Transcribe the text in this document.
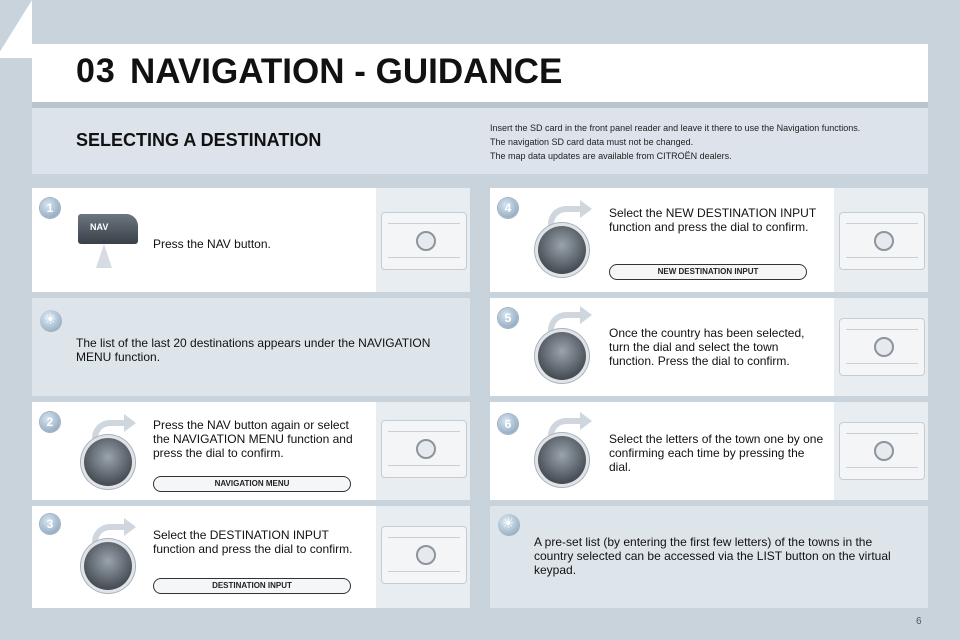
03 NAVIGATION - GUIDANCE
SELECTING A DESTINATION
Insert the SD card in the front panel reader and leave it there to use the Navigation functions.
The navigation SD card data must not be changed.
The map data updates are available from CITROËN dealers.
1
NAV
Press the NAV button.
☀
The list of the last 20 destinations appears under the NAVIGATION MENU function.
2	Press the NAV button again or select the NAVIGATION MENU function and press the dial to confirm.
NAVIGATION MENU
3
Select the DESTINATION INPUT function and press the dial to confirm.
DESTINATION INPUT
4	Select the NEW DESTINATION INPUT function and press the dial to confirm.
NEW DESTINATION INPUT
5
Once the country has been selected, turn the dial and select the town function. Press the dial to confirm.
6
Select the letters of the town one by one confirming each time by pressing the dial.
☀
A pre-set list (by entering the first few letters) of the towns in the country selected can be accessed via the LIST button on the virtual keypad.
6
